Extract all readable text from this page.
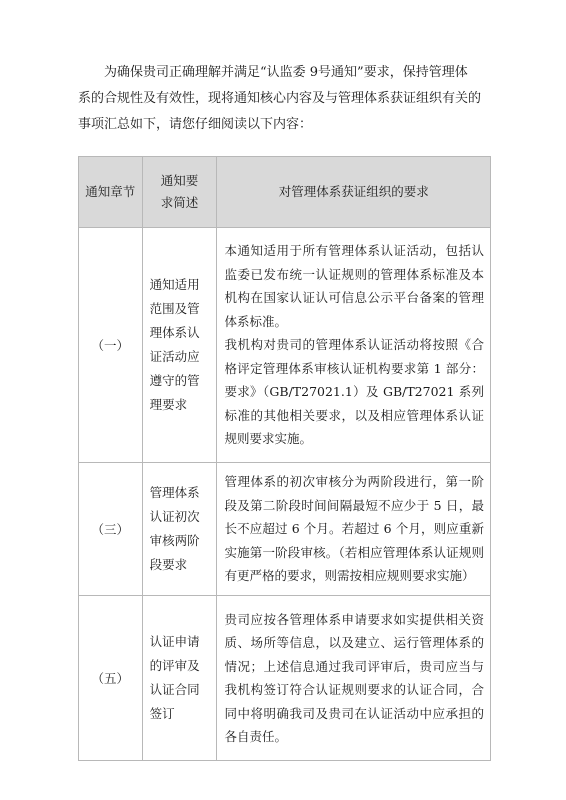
为确保贵司正确理解并满足“认监委 9号通知”要求，保持管理体

系的合规性及有效性，现将通知核心内容及与管理体系获证组织有关的

事项汇总如下，请您仔细阅读以下内容：

通知章节	通知要求简述	对管理体系获证组织的要求
（一）	通知适用范围及管理体系认证活动应遵守的管理要求	本通知适用于所有管理体系认证活动，包括认监委已发布统一认证规则的管理体系标准及本机构在国家认证认可信息公示平台备案的管理体系标准。

我机构对贵司的管理体系认证活动将按照《合格评定管理体系审核认证机构要求第 1 部分：要求》（GB/T27021.1）及 GB/T27021 系列标准的其他相关要求，以及相应管理体系认证规则要求实施。

（三）	管理体系认证初次审核两阶段要求	管理体系的初次审核分为两阶段进行，第一阶段及第二阶段时间间隔最短不应少于 5 日，最长不应超过 6 个月。若超过 6 个月，则应重新实施第一阶段审核。（若相应管理体系认证规则有更严格的要求，则需按相应规则要求实施）

（五）	认证申请的评审及认证合同签订	贵司应按各管理体系申请要求如实提供相关资质、场所等信息，以及建立、运行管理体系的情况；上述信息通过我司评审后，贵司应当与我机构签订符合认证规则要求的认证合同，合同中将明确我司及贵司在认证活动中应承担的各自责任。
